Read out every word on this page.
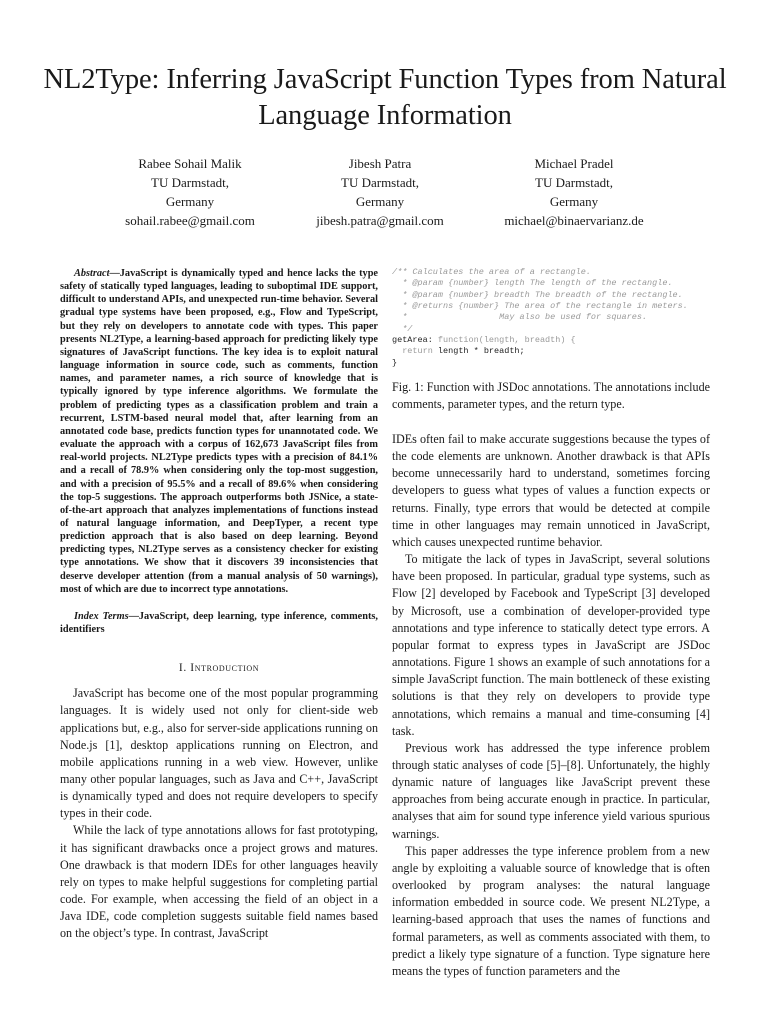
NL2Type: Inferring JavaScript Function Types from Natural Language Information
Rabee Sohail Malik
TU Darmstadt,
Germany
sohail.rabee@gmail.com
Jibesh Patra
TU Darmstadt,
Germany
jibesh.patra@gmail.com
Michael Pradel
TU Darmstadt,
Germany
michael@binaervarianz.de

Abstract—JavaScript is dynamically typed and hence lacks the type safety of statically typed languages, leading to suboptimal IDE support, difficult to understand APIs, and unexpected run-time behavior. Several gradual type systems have been proposed, e.g., Flow and TypeScript, but they rely on developers to annotate code with types. This paper presents NL2Type, a learning-based approach for predicting likely type signatures of JavaScript functions. The key idea is to exploit natural language information in source code, such as comments, function names, and parameter names, a rich source of knowledge that is typically ignored by type inference algorithms. We formulate the problem of predicting types as a classification problem and train a recurrent, LSTM-based neural model that, after learning from an annotated code base, predicts function types for unannotated code. We evaluate the approach with a corpus of 162,673 JavaScript files from real-world projects. NL2Type predicts types with a precision of 84.1% and a recall of 78.9% when considering only the top-most suggestion, and with a precision of 95.5% and a recall of 89.6% when considering the top-5 suggestions. The approach outperforms both JSNice, a state-of-the-art approach that analyzes implementations of functions instead of natural language information, and DeepTyper, a recent type prediction approach that is also based on deep learning. Beyond predicting types, NL2Type serves as a consistency checker for existing type annotations. We show that it discovers 39 inconsistencies that deserve developer attention (from a manual analysis of 50 warnings), most of which are due to incorrect type annotations.

Index Terms—JavaScript, deep learning, type inference, comments, identifiers

I. Introduction

JavaScript has become one of the most popular programming languages. It is widely used not only for client-side web applications but, e.g., also for server-side applications running on Node.js [1], desktop applications running on Electron, and mobile applications running in a web view. However, unlike many other popular languages, such as Java and C++, JavaScript is dynamically typed and does not require developers to specify types in their code.

While the lack of type annotations allows for fast prototyping, it has significant drawbacks once a project grows and matures. One drawback is that modern IDEs for other languages heavily rely on types to make helpful suggestions for completing partial code. For example, when accessing the field of an object in a Java IDE, code completion suggests suitable field names based on the object’s type. In contrast, JavaScript

/** Calculates the area of a rectangle.
* @param {number} length The length of the rectangle.
* @param {number} breadth The breadth of the rectangle.
* @returns {number} The area of the rectangle in meters.
*                  May also be used for squares.
*/
getArea: function(length, breadth) {
return length * breadth;
}

Fig. 1: Function with JSDoc annotations. The annotations include comments, parameter types, and the return type.

IDEs often fail to make accurate suggestions because the types of the code elements are unknown. Another drawback is that APIs become unnecessarily hard to understand, sometimes forcing developers to guess what types of values a function expects or returns. Finally, type errors that would be detected at compile time in other languages may remain unnoticed in JavaScript, which causes unexpected runtime behavior.

To mitigate the lack of types in JavaScript, several solutions have been proposed. In particular, gradual type systems, such as Flow [2] developed by Facebook and TypeScript [3] developed by Microsoft, use a combination of developer-provided type annotations and type inference to statically detect type errors. A popular format to express types in JavaScript are JSDoc annotations. Figure 1 shows an example of such annotations for a simple JavaScript function. The main bottleneck of these existing solutions is that they rely on developers to provide type annotations, which remains a manual and time-consuming [4] task.

Previous work has addressed the type inference problem through static analyses of code [5]–[8]. Unfortunately, the highly dynamic nature of languages like JavaScript prevent these approaches from being accurate enough in practice. In particular, analyses that aim for sound type inference yield various spurious warnings.

This paper addresses the type inference problem from a new angle by exploiting a valuable source of knowledge that is often overlooked by program analyses: the natural language information embedded in source code. We present NL2Type, a learning-based approach that uses the names of functions and formal parameters, as well as comments associated with them, to predict a likely type signature of a function. Type signature here means the types of function parameters and the
